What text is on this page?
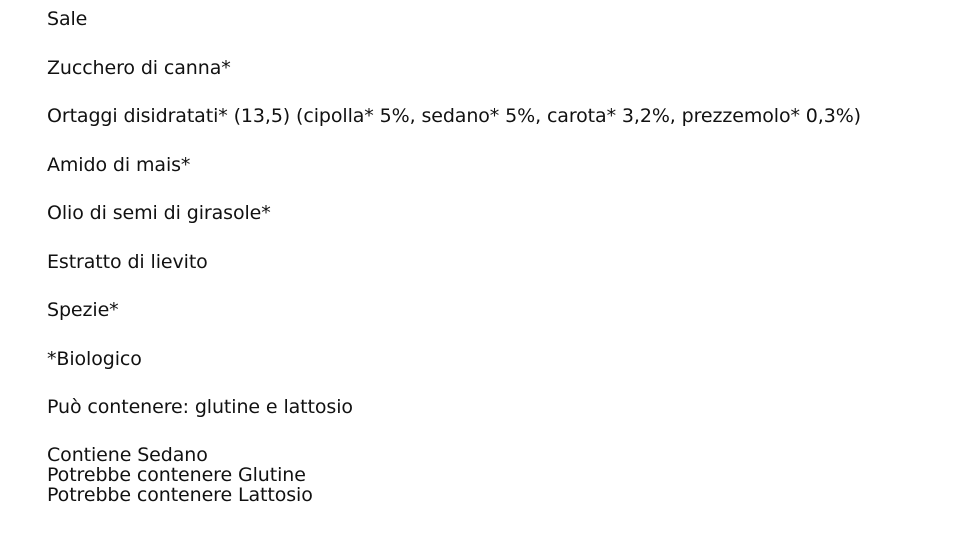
Sale
Zucchero di canna*
Ortaggi disidratati* (13,5) (cipolla* 5%, sedano* 5%, carota* 3,2%, prezzemolo* 0,3%)
Amido di mais*
Olio di semi di girasole*
Estratto di lievito
Spezie*
*Biologico
Può contenere: glutine e lattosio
Contiene Sedano
Potrebbe contenere Glutine
Potrebbe contenere Lattosio
